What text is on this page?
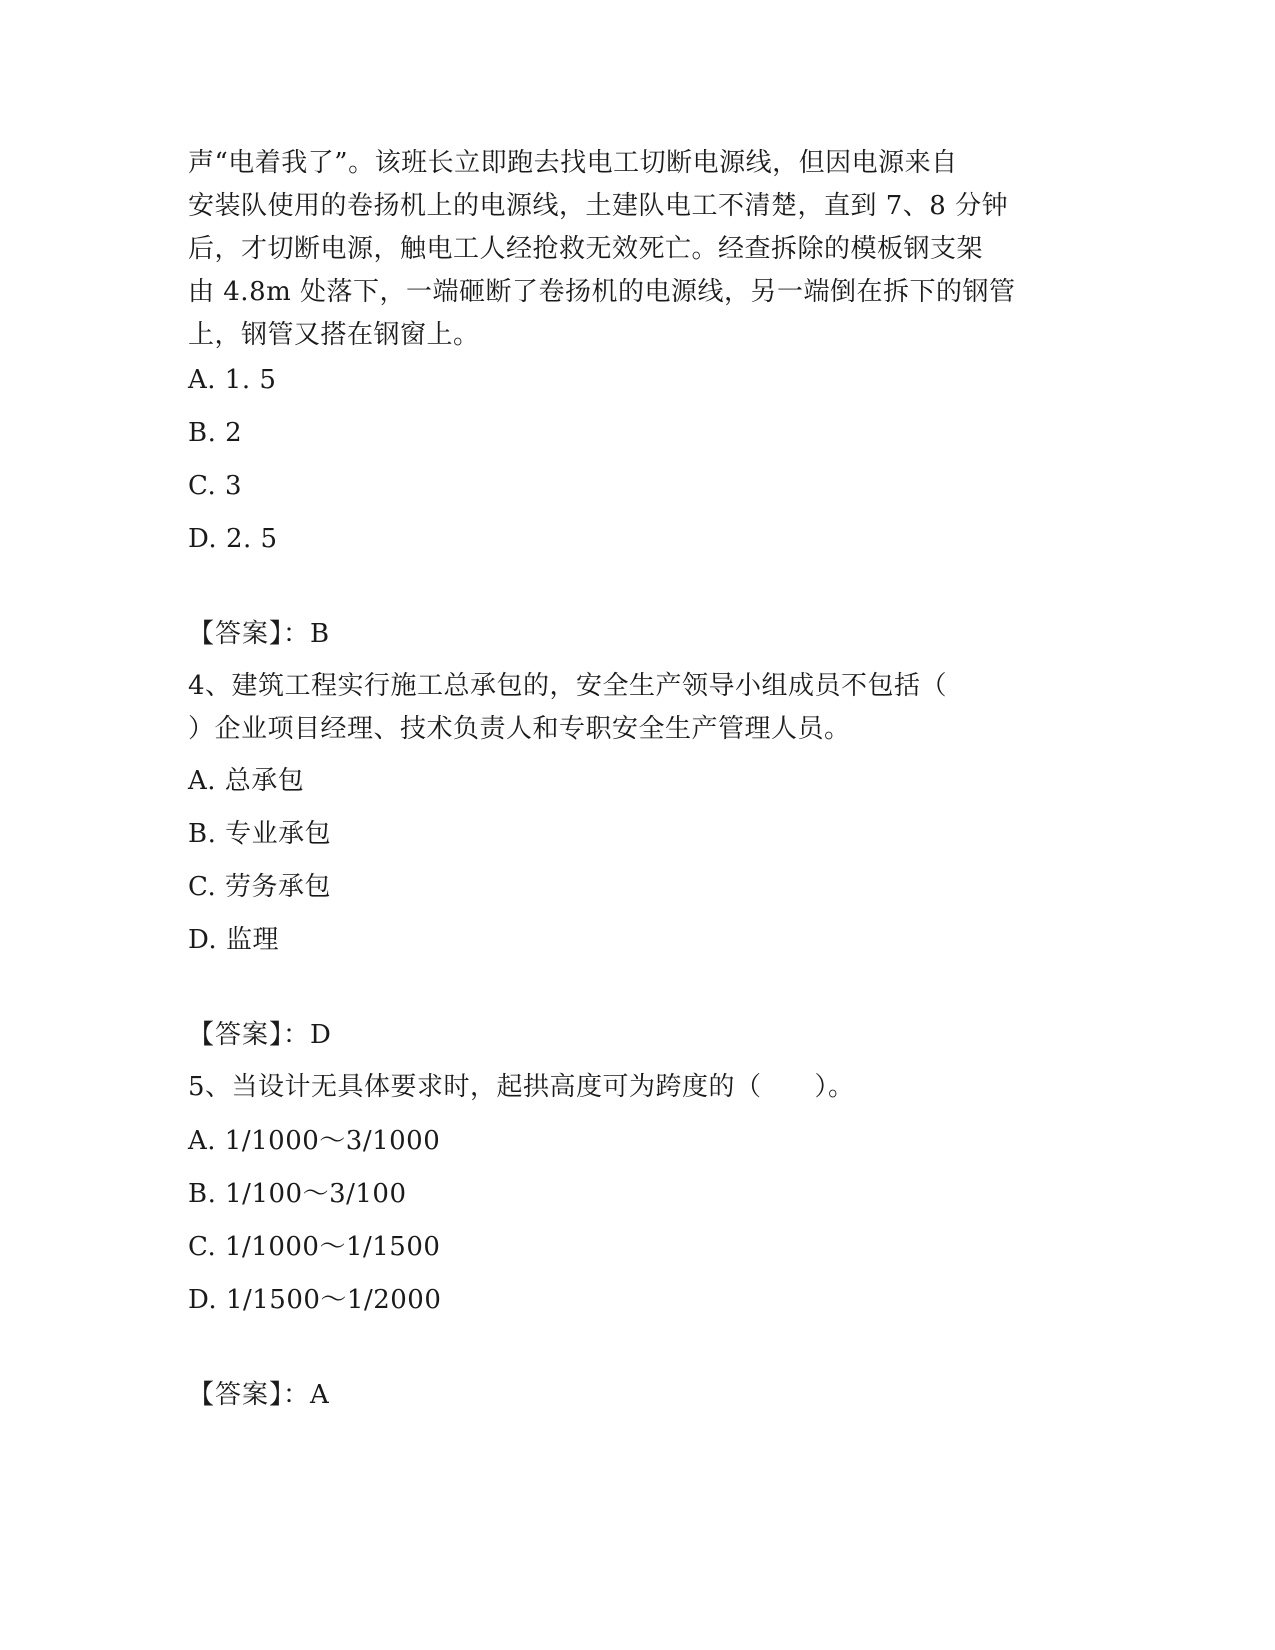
声“电着我了”。该班长立即跑去找电工切断电源线，但因电源来自
安装队使用的卷扬机上的电源线，土建队电工不清楚，直到 7、8 分钟
后，才切断电源，触电工人经抢救无效死亡。经查拆除的模板钢支架
由 4.8m 处落下，一端砸断了卷扬机的电源线，另一端倒在拆下的钢管
上，钢管又搭在钢窗上。
A. 1. 5
B. 2
C. 3
D. 2. 5
【答案】：B
4、建筑工程实行施工总承包的，安全生产领导小组成员不包括（
）企业项目经理、技术负责人和专职安全生产管理人员。
A. 总承包
B. 专业承包
C. 劳务承包
D. 监理
【答案】：D
5、当设计无具体要求时，起拱高度可为跨度的（　　）。
A. 1/1000～3/1000
B. 1/100～3/100
C. 1/1000～1/1500
D. 1/1500～1/2000
【答案】：A
